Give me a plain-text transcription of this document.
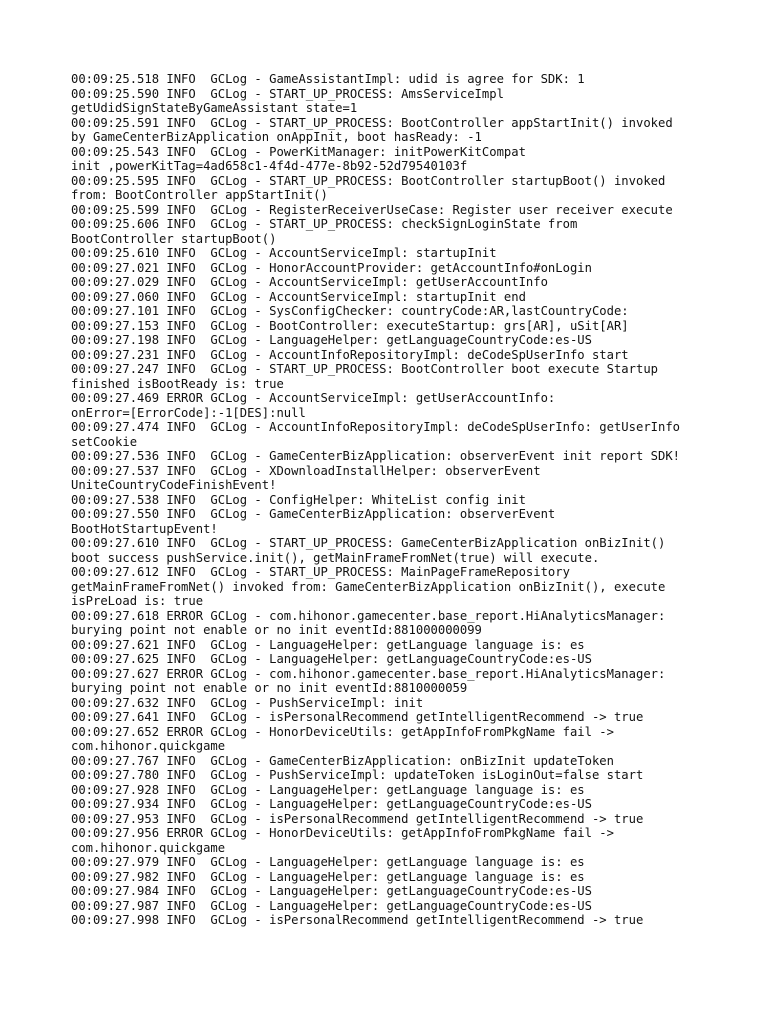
00:09:25.518 INFO  GCLog - GameAssistantImpl: udid is agree for SDK: 1
00:09:25.590 INFO  GCLog - START_UP_PROCESS: AmsServiceImpl
getUdidSignStateByGameAssistant state=1
00:09:25.591 INFO  GCLog - START_UP_PROCESS: BootController appStartInit() invoked
by GameCenterBizApplication onAppInit, boot hasReady: -1
00:09:25.543 INFO  GCLog - PowerKitManager: initPowerKitCompat
init ,powerKitTag=4ad658c1-4f4d-477e-8b92-52d79540103f
00:09:25.595 INFO  GCLog - START_UP_PROCESS: BootController startupBoot() invoked
from: BootController appStartInit()
00:09:25.599 INFO  GCLog - RegisterReceiverUseCase: Register user receiver execute
00:09:25.606 INFO  GCLog - START_UP_PROCESS: checkSignLoginState from
BootController startupBoot()
00:09:25.610 INFO  GCLog - AccountServiceImpl: startupInit
00:09:27.021 INFO  GCLog - HonorAccountProvider: getAccountInfo#onLogin
00:09:27.029 INFO  GCLog - AccountServiceImpl: getUserAccountInfo
00:09:27.060 INFO  GCLog - AccountServiceImpl: startupInit end
00:09:27.101 INFO  GCLog - SysConfigChecker: countryCode:AR,lastCountryCode:
00:09:27.153 INFO  GCLog - BootController: executeStartup: grs[AR], uSit[AR]
00:09:27.198 INFO  GCLog - LanguageHelper: getLanguageCountryCode:es-US
00:09:27.231 INFO  GCLog - AccountInfoRepositoryImpl: deCodeSpUserInfo start
00:09:27.247 INFO  GCLog - START_UP_PROCESS: BootController boot execute Startup
finished isBootReady is: true
00:09:27.469 ERROR GCLog - AccountServiceImpl: getUserAccountInfo:
onError=[ErrorCode]:-1[DES]:null
00:09:27.474 INFO  GCLog - AccountInfoRepositoryImpl: deCodeSpUserInfo: getUserInfo
setCookie
00:09:27.536 INFO  GCLog - GameCenterBizApplication: observerEvent init report SDK!
00:09:27.537 INFO  GCLog - XDownloadInstallHelper: observerEvent
UniteCountryCodeFinishEvent!
00:09:27.538 INFO  GCLog - ConfigHelper: WhiteList config init
00:09:27.550 INFO  GCLog - GameCenterBizApplication: observerEvent
BootHotStartupEvent!
00:09:27.610 INFO  GCLog - START_UP_PROCESS: GameCenterBizApplication onBizInit()
boot success pushService.init(), getMainFrameFromNet(true) will execute.
00:09:27.612 INFO  GCLog - START_UP_PROCESS: MainPageFrameRepository
getMainFrameFromNet() invoked from: GameCenterBizApplication onBizInit(), execute
isPreLoad is: true
00:09:27.618 ERROR GCLog - com.hihonor.gamecenter.base_report.HiAnalyticsManager:
burying point not enable or no init eventId:881000000099
00:09:27.621 INFO  GCLog - LanguageHelper: getLanguage language is: es
00:09:27.625 INFO  GCLog - LanguageHelper: getLanguageCountryCode:es-US
00:09:27.627 ERROR GCLog - com.hihonor.gamecenter.base_report.HiAnalyticsManager:
burying point not enable or no init eventId:8810000059
00:09:27.632 INFO  GCLog - PushServiceImpl: init
00:09:27.641 INFO  GCLog - isPersonalRecommend getIntelligentRecommend -> true
00:09:27.652 ERROR GCLog - HonorDeviceUtils: getAppInfoFromPkgName fail ->
com.hihonor.quickgame
00:09:27.767 INFO  GCLog - GameCenterBizApplication: onBizInit updateToken
00:09:27.780 INFO  GCLog - PushServiceImpl: updateToken isLoginOut=false start
00:09:27.928 INFO  GCLog - LanguageHelper: getLanguage language is: es
00:09:27.934 INFO  GCLog - LanguageHelper: getLanguageCountryCode:es-US
00:09:27.953 INFO  GCLog - isPersonalRecommend getIntelligentRecommend -> true
00:09:27.956 ERROR GCLog - HonorDeviceUtils: getAppInfoFromPkgName fail ->
com.hihonor.quickgame
00:09:27.979 INFO  GCLog - LanguageHelper: getLanguage language is: es
00:09:27.982 INFO  GCLog - LanguageHelper: getLanguage language is: es
00:09:27.984 INFO  GCLog - LanguageHelper: getLanguageCountryCode:es-US
00:09:27.987 INFO  GCLog - LanguageHelper: getLanguageCountryCode:es-US
00:09:27.998 INFO  GCLog - isPersonalRecommend getIntelligentRecommend -> true
